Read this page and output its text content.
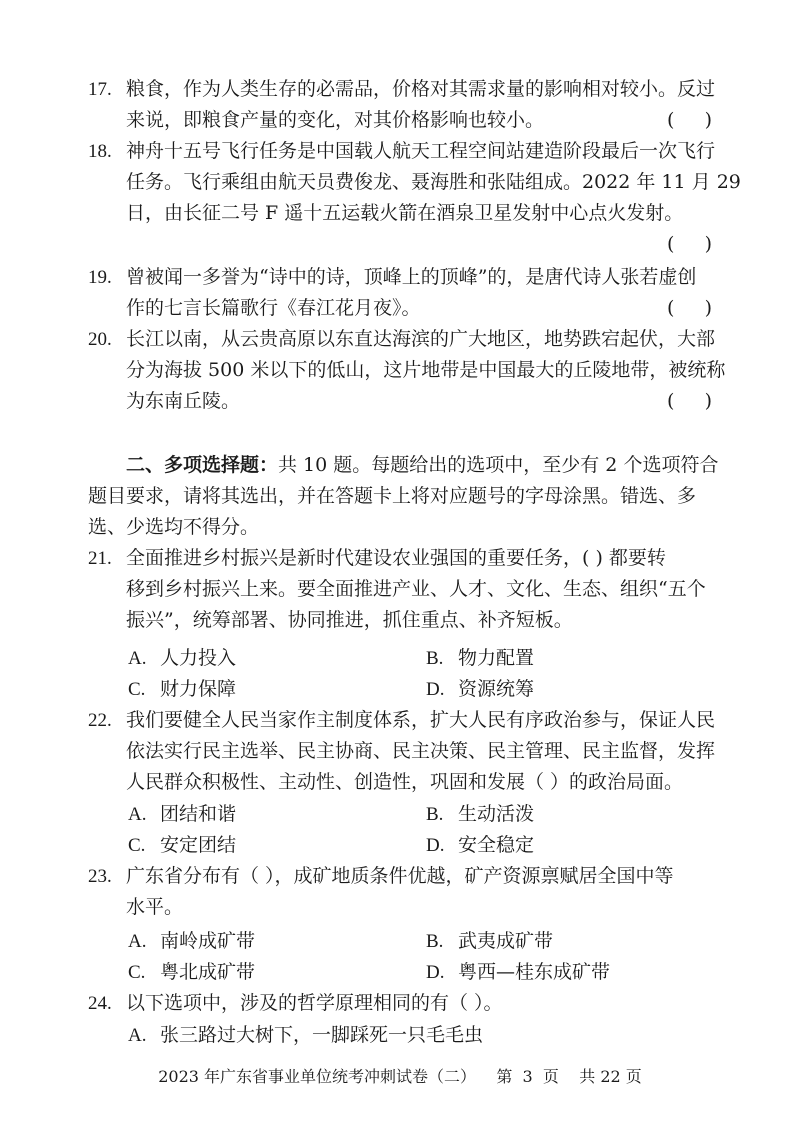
17. 粮食，作为人类生存的必需品，价格对其需求量的影响相对较小。反过
来说，即粮食产量的变化，对其价格影响也较小。	(     )
18. 神舟十五号飞行任务是中国载人航天工程空间站建造阶段最后一次飞行
任务。飞行乘组由航天员费俊龙、聂海胜和张陆组成。2022 年 11 月 29
日，由长征二号 F 遥十五运载火箭在酒泉卫星发射中心点火发射。
(     )
19. 曾被闻一多誉为“诗中的诗，顶峰上的顶峰”的，是唐代诗人张若虚创
作的七言长篇歌行《春江花月夜》。	(     )
20. 长江以南，从云贵高原以东直达海滨的广大地区，地势跌宕起伏，大部
分为海拔 500 米以下的低山，这片地带是中国最大的丘陵地带，被统称
为东南丘陵。	(     )
二、多项选择题：共 10 题。每题给出的选项中，至少有 2 个选项符合
题目要求，请将其选出，并在答题卡上将对应题号的字母涂黑。错选、多
选、少选均不得分。
21. 全面推进乡村振兴是新时代建设农业强国的重要任务，( ) 都要转
移到乡村振兴上来。要全面推进产业、人才、文化、生态、组织“五个
振兴”，统筹部署、协同推进，抓住重点、补齐短板。
A. 人力投入	B. 物力配置
C. 财力保障	D. 资源统筹
22. 我们要健全人民当家作主制度体系，扩大人民有序政治参与，保证人民
依法实行民主选举、民主协商、民主决策、民主管理、民主监督，发挥
人民群众积极性、主动性、创造性，巩固和发展（ ）的政治局面。
A. 团结和谐	B. 生动活泼
C. 安定团结	D. 安全稳定
23. 广东省分布有（ ），成矿地质条件优越，矿产资源禀赋居全国中等
水平。
A. 南岭成矿带	B. 武夷成矿带
C. 粤北成矿带	D. 粤西—桂东成矿带
24. 以下选项中，涉及的哲学原理相同的有（ ）。
A. 张三路过大树下，一脚踩死一只毛毛虫
2023 年广东省事业单位统考冲刺试卷（二）    第  3  页    共 22 页
